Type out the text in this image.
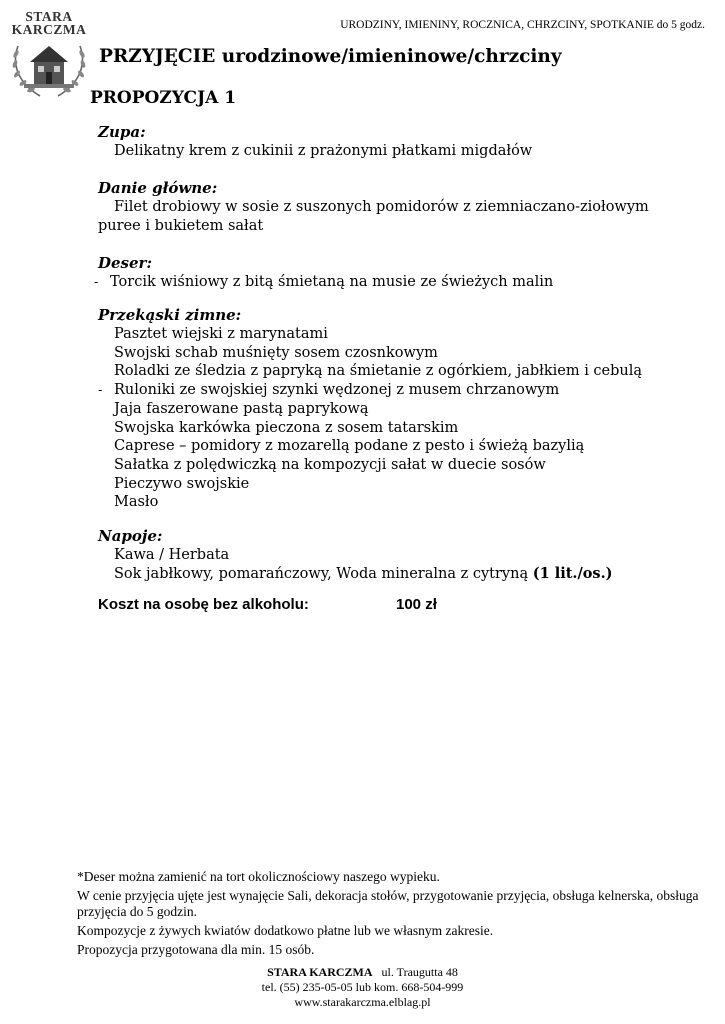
STARA
KARCZMA	URODZINY, IMIENINY, ROCZNICA, CHRZCINY, SPOTKANIE do 5 godz.
PRZYJĘCIE urodzinowe/imieninowe/chrzciny
PROPOZYCJA 1
Zupa:
Delikatny krem z cukinii z prażonymi płatkami migdałów
Danie główne:
Filet drobiowy w sosie z suszonych pomidorów z ziemniaczano-ziołowym puree i bukietem sałat
Deser:
- Torcik wiśniowy z bitą śmietaną na musie ze świeżych malin
Przekąski zimne:
Pasztet wiejski z marynatami
Swojski schab muśnięty sosem czosnkowym
Roladki ze śledzia z papryką na śmietanie z ogórkiem, jabłkiem i cebulą
- Ruloniki ze swojskiej szynki wędzonej z musem chrzanowym
Jaja faszerowane pastą paprykową
Swojska karkówka pieczona z sosem tatarskim
Caprese – pomidory z mozarellą podane z pesto i świeżą bazylią
Sałatka z polędwiczką na kompozycji sałat w duecie sosów
Pieczywo swojskie
Masło
Napoje:
Kawa / Herbata
Sok jabłkowy, pomarańczowy, Woda mineralna z cytryną (1 lit./os.)
Koszt na osobę bez alkoholu:	100 zł

*Deser można zamienić na tort okolicznościowy naszego wypieku.

W cenie przyjęcia ujęte jest wynajęcie Sali, dekoracja stołów, przygotowanie przyjęcia, obsługa kelnerska, obsługa przyjęcia do 5 godzin.

Kompozycje z żywych kwiatów dodatkowo płatne lub we własnym zakresie.

Propozycja przygotowana dla min. 15 osób.

STARA KARCZMA ul. Traugutta 48
tel. (55) 235-05-05 lub kom. 668-504-999
www.starakarczma.elblag.pl
